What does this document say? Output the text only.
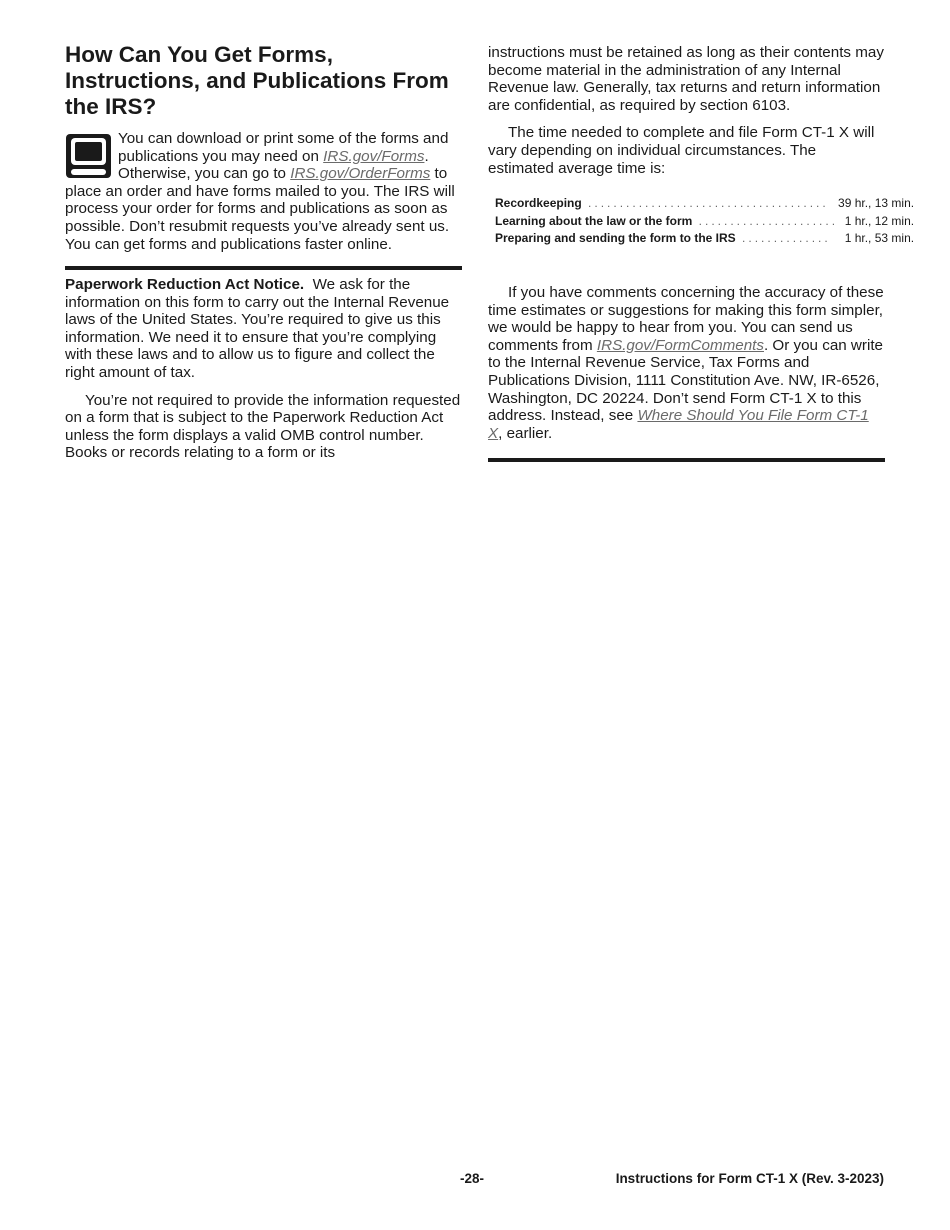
How Can You Get Forms, Instructions, and Publications From the IRS?

You can download or print some of the forms and publications you may need on IRS.gov/Forms. Otherwise, you can go to IRS.gov/OrderForms to place an order and have forms mailed to you. The IRS will process your order for forms and publications as soon as possible. Don’t resubmit requests you’ve already sent us. You can get forms and publications faster online.

Paperwork Reduction Act Notice. We ask for the information on this form to carry out the Internal Revenue laws of the United States. You’re required to give us this information. We need it to ensure that you’re complying with these laws and to allow us to figure and collect the right amount of tax.

You’re not required to provide the information requested on a form that is subject to the Paperwork Reduction Act unless the form displays a valid OMB control number. Books or records relating to a form or its

instructions must be retained as long as their contents may become material in the administration of any Internal Revenue law. Generally, tax returns and return information are confidential, as required by section 6103.

The time needed to complete and file Form CT-1 X will vary depending on individual circumstances. The estimated average time is:

Recordkeeping ......................................	39 hr., 13 min.
Learning about the law or the form ......................	1 hr., 12 min.
Preparing and sending the form to the IRS ..............	1 hr., 53 min.

If you have comments concerning the accuracy of these time estimates or suggestions for making this form simpler, we would be happy to hear from you. You can send us comments from IRS.gov/FormComments. Or you can write to the Internal Revenue Service, Tax Forms and Publications Division, 1111 Constitution Ave. NW, IR-6526, Washington, DC 20224. Don’t send Form CT-1 X to this address. Instead, see Where Should You File Form CT-1 X, earlier.

-28-	Instructions for Form CT-1 X (Rev. 3-2023)
